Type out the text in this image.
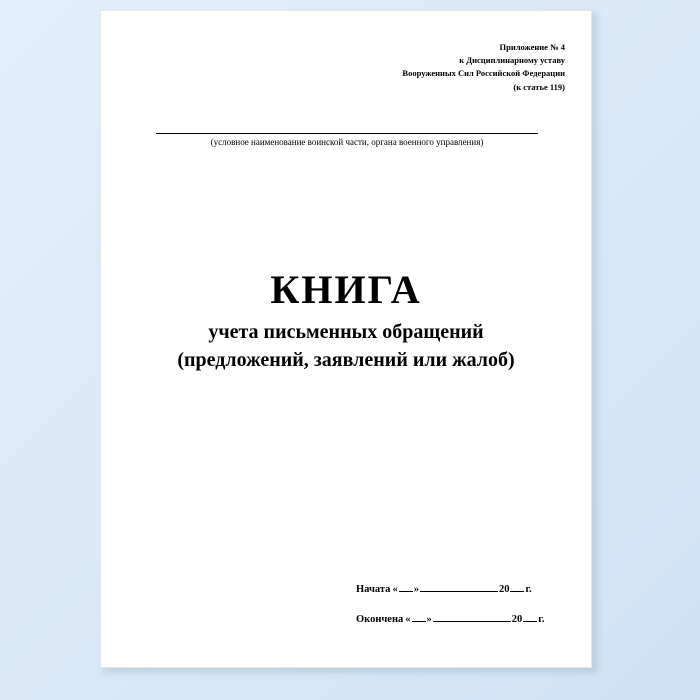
Приложение № 4
к Дисциплинарному уставу
Вооруженных Сил Российской Федерации
(к статье 119)
(условное наименование воинской части, органа военного управления)
КНИГА
учета письменных обращений
(предложений, заявлений или жалоб)
Начата « »	20 г.
Окончена « »	20 г.
